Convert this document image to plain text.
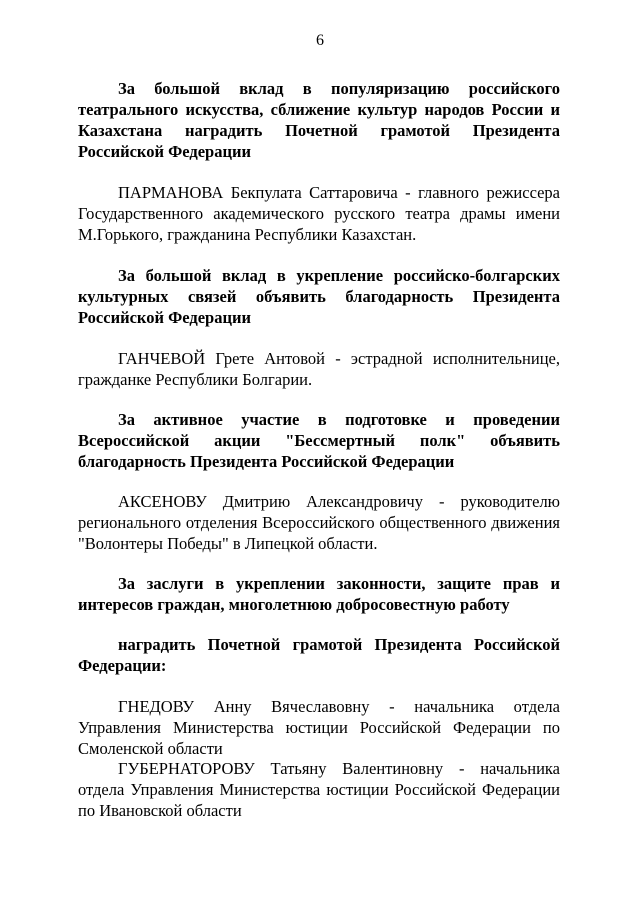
6
За большой вклад в популяризацию российского театрального искусства, сближение культур народов России и Казахстана наградить Почетной грамотой Президента Российской Федерации
ПАРМАНОВА Бекпулата Саттаровича - главного режиссера Государственного академического русского театра драмы имени М.Горького, гражданина Республики Казахстан.
За большой вклад в укрепление российско-болгарских культурных связей объявить благодарность Президента Российской Федерации
ГАНЧЕВОЙ Грете Антовой - эстрадной исполнительнице, гражданке Республики Болгарии.
За активное участие в подготовке и проведении Всероссийской акции "Бессмертный полк" объявить благодарность Президента Российской Федерации
АКСЕНОВУ Дмитрию Александровичу - руководителю регионального отделения Всероссийского общественного движения "Волонтеры Победы" в Липецкой области.
За заслуги в укреплении законности, защите прав и интересов граждан, многолетнюю добросовестную работу
наградить Почетной грамотой Президента Российской Федерации:
ГНЕДОВУ Анну Вячеславовну - начальника отдела Управления Министерства юстиции Российской Федерации по Смоленской области
ГУБЕРНАТОРОВУ Татьяну Валентиновну - начальника отдела Управления Министерства юстиции Российской Федерации по Ивановской области
